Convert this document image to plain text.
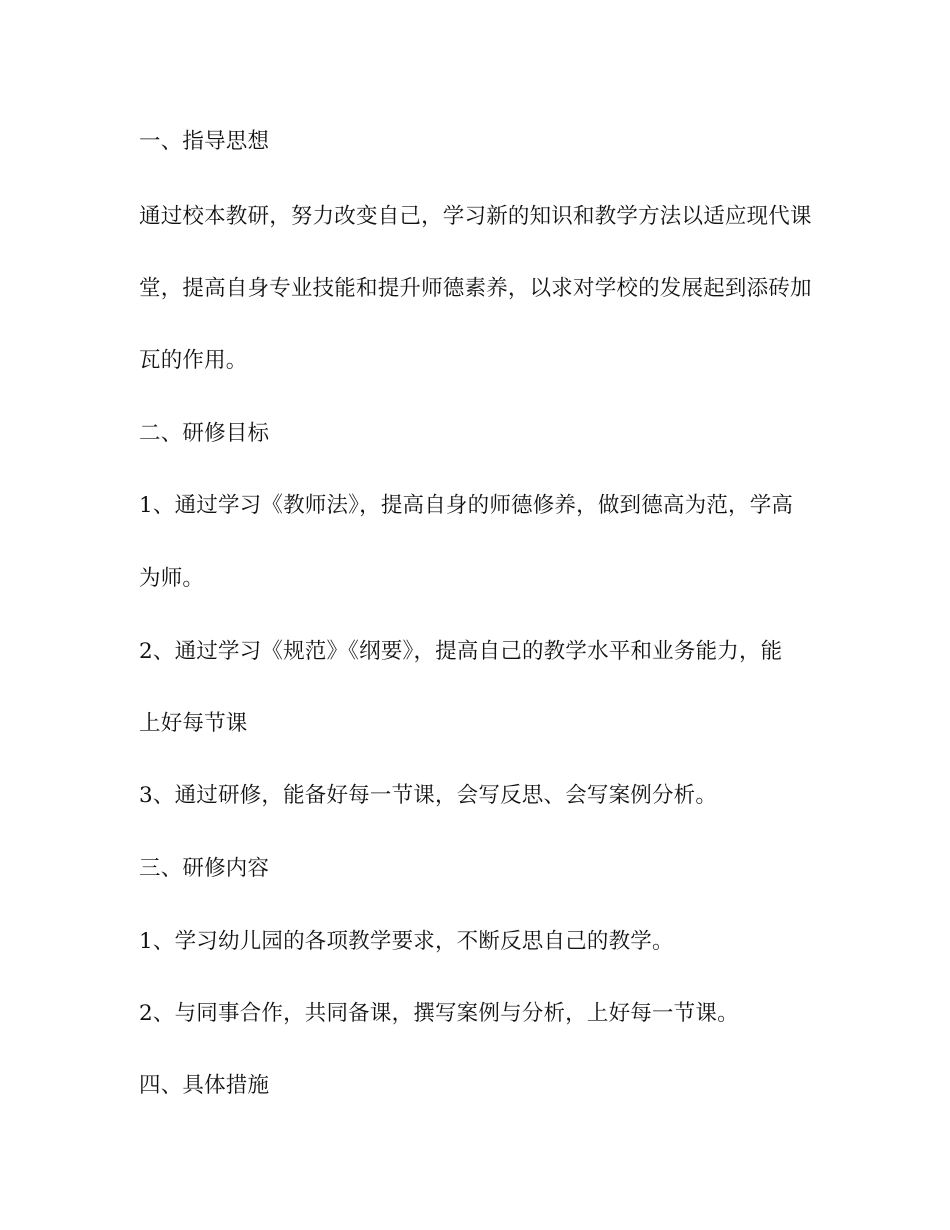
一、指导思想
通过校本教研，努力改变自己，学习新的知识和教学方法以适应现代课
堂，提高自身专业技能和提升师德素养，以求对学校的发展起到添砖加
瓦的作用。
二、研修目标
1、通过学习《教师法》，提高自身的师德修养，做到德高为范，学高
为师。
2、通过学习《规范》《纲要》，提高自己的教学水平和业务能力，能
上好每节课
3、通过研修，能备好每一节课，会写反思、会写案例分析。
三、研修内容
1、学习幼儿园的各项教学要求，不断反思自己的教学。
2、与同事合作，共同备课，撰写案例与分析，上好每一节课。
四、具体措施
